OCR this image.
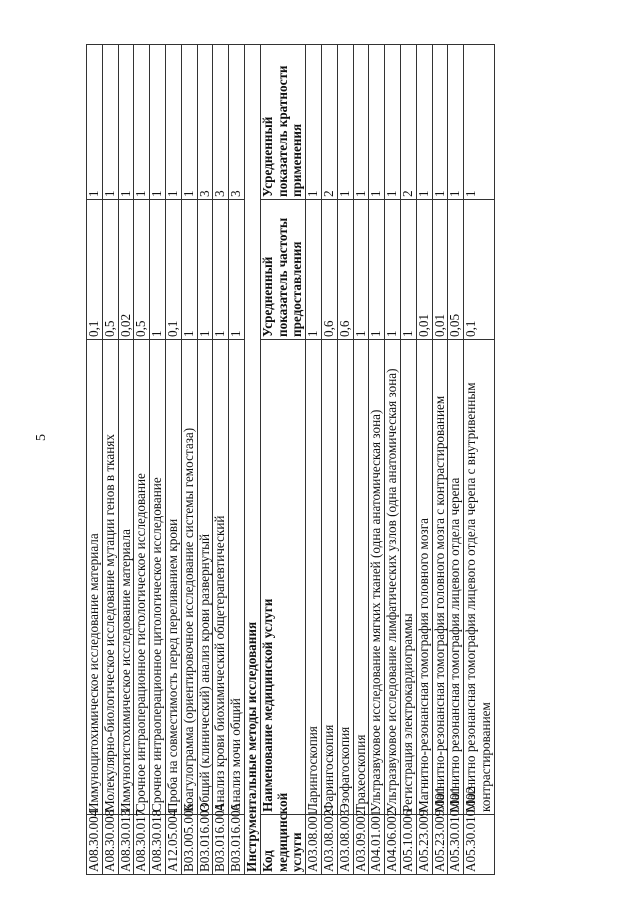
5
A08.30.004	Иммуноцитохимическое исследование материала	0,1	1
A08.30.008	Молекулярно-биологическое исследование мутации генов в тканях	0,5	1
A08.30.013	Иммуногистохимическое исследование материала	0,02	1
A08.30.017	Срочное интраоперационное гистологическое исследование	0,5	1
A08.30.018	Срочное интраоперационное цитологическое исследование	1	1
A12.05.004	Проба на совместимость перед переливанием крови	0,1	1
B03.005.006	Коагулограмма (ориентировочное исследование системы гемостаза)	1	1
B03.016.003	Общий (клинический) анализ крови развернутый	1	3
B03.016.004	Анализ крови биохимический общетерапевтический	1	3
B03.016.006	Анализ мочи общий	1	3
Инструментальные методы исследования			
Код медицинской услуги	Наименование медицинской услуги	Усредненный показатель частоты предоставления	Усредненный показатель кратности применения
A03.08.001	Ларингоскопия	1	1
A03.08.002	Фарингоскопия	0,6	2
A03.08.003	Эзофагоскопия	0,6	1
A03.09.002	Трахеоскопия	1	1
A04.01.001	Ультразвуковое исследование мягких тканей (одна анатомическая зона)	1	1
A04.06.002	Ультразвуковое исследование лимфатических узлов (одна анатомическая зона)	1	1
A05.10.006	Регистрация электрокардиограммы	1	2
A05.23.009	Магнитно-резонансная томография головного мозга	0,01	1
A05.23.009.001	Магнитно-резонансная томография головного мозга с контрастированием	0,01	1
A05.30.010.001	Магнитно резонансная томография лицевого отдела черепа	0,05	1
A05.30.010.002	Магнитно резонансная томография лицевого отдела черепа с внутривенным контрастированием	0,1	1
